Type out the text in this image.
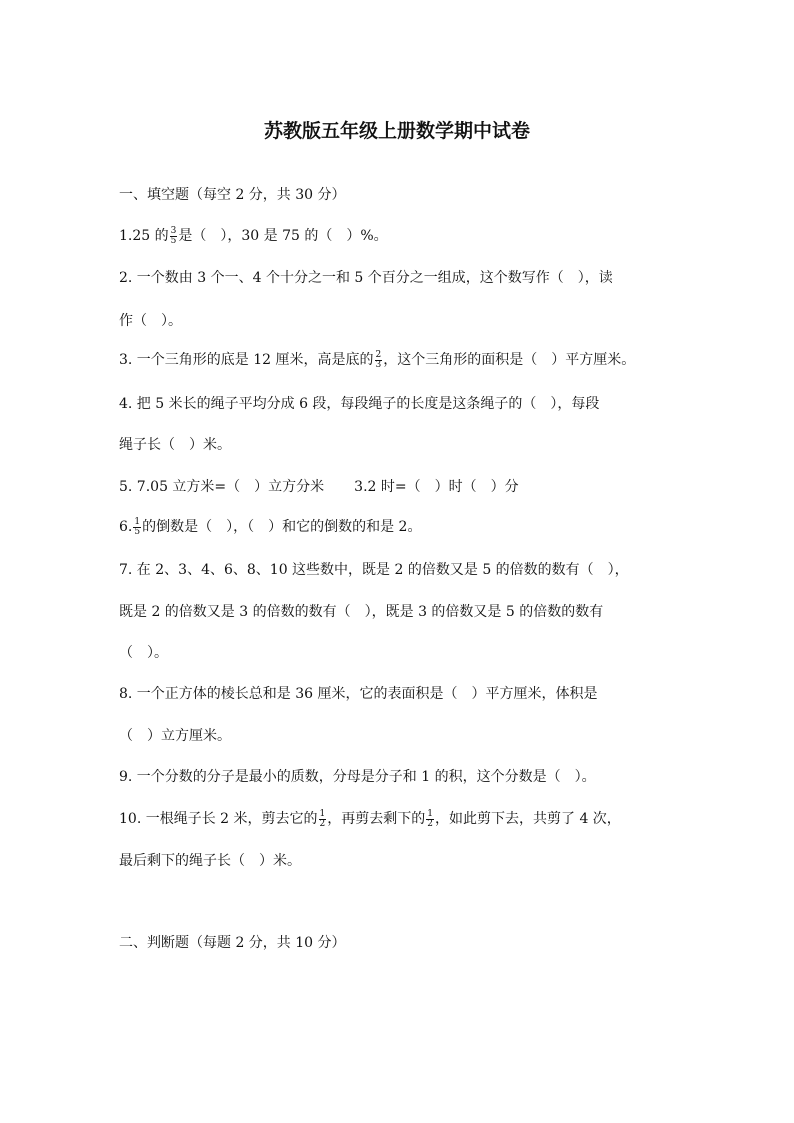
苏教版五年级上册数学期中试卷
一、填空题（每空 2 分，共 30 分）
1.25 的 $\frac{3}{5}$ 是（　），30 是 75 的（　）%。
2. 一个数由 3 个一、4 个十分之一和 5 个百分之一组成，这个数写作（　），读
作（　）。
3. 一个三角形的底是 12 厘米，高是底的 $\frac{2}{3}$ ，这个三角形的面积是（　）平方厘米。
4. 把 5 米长的绳子平均分成 6 段，每段绳子的长度是这条绳子的（　），每段
绳子长（　）米。
5. 7.05 立方米=（　）立方分米 3.2 时=（　）时（　）分
6. $\frac{1}{5}$ 的倒数是（　），（　）和它的倒数的和是 2。
7. 在 2、3、4、6、8、10 这些数中，既是 2 的倍数又是 5 的倍数的数有（　），
既是 2 的倍数又是 3 的倍数的数有（　），既是 3 的倍数又是 5 的倍数的数有
（　）。
8. 一个正方体的棱长总和是 36 厘米，它的表面积是（　）平方厘米，体积是
（　）立方厘米。
9. 一个分数的分子是最小的质数，分母是分子和 1 的积，这个分数是（　）。
10. 一根绳子长 2 米，剪去它的 $\frac{1}{2}$ ，再剪去剩下的 $\frac{1}{2}$ ，如此剪下去，共剪了 4 次，
最后剩下的绳子长（　）米。
二、判断题（每题 2 分，共 10 分）
